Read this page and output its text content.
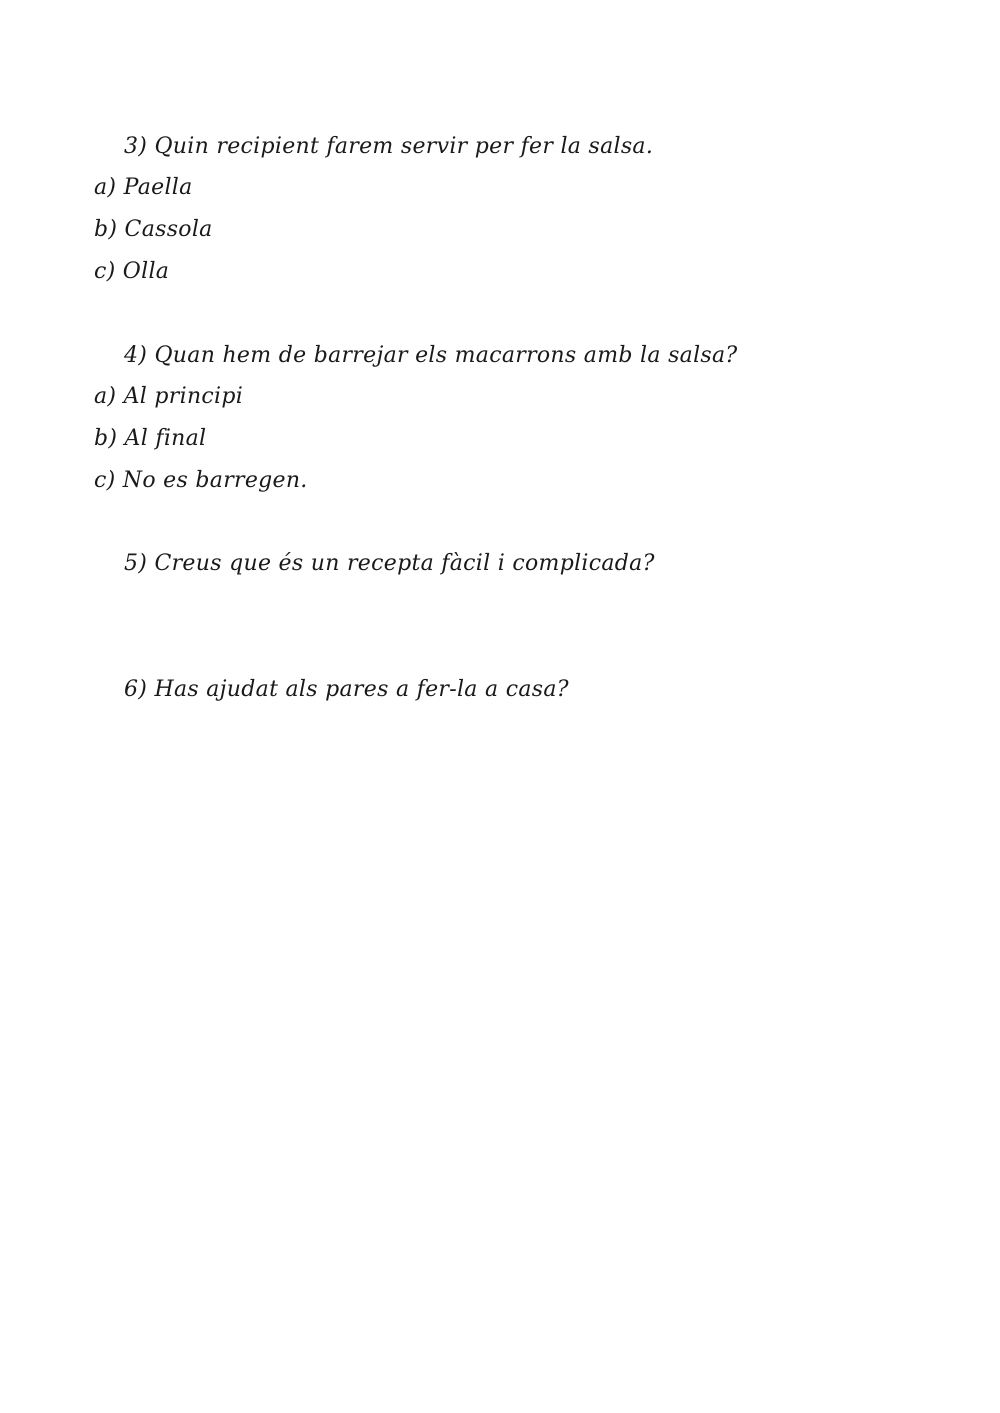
3) Quin recipient farem servir per fer la salsa.
a) Paella
b) Cassola
c) Olla
4) Quan hem de barrejar els macarrons amb la salsa?
a) Al principi
b) Al final
c) No es barregen.
5) Creus que és un recepta fàcil i complicada?
6) Has ajudat als pares a fer-la a casa?
